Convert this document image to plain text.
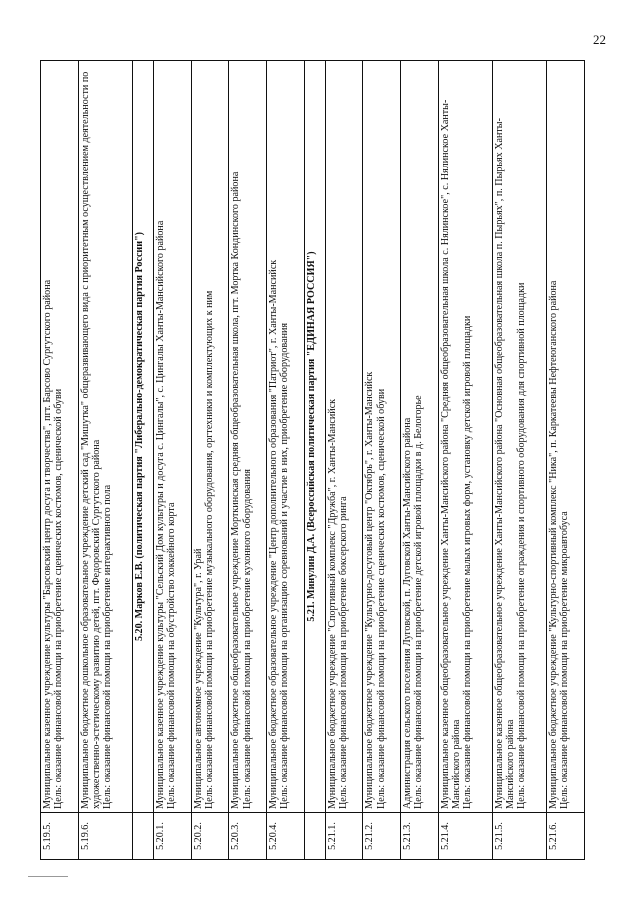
22
5.19.5.	Муниципальное казенное учреждение культуры "Барсовский центр досуга и творчества", пгт. Барсово Сургутского района Цель: оказание финансовой помощи на приобретение сценических костюмов, сценической обуви

5.19.6.	Муниципальное бюджетное дошкольное образовательное учреждение детский сад "Мишутка" общеразвивающего вида с приоритетным осуществлением деятельности по художественно-эстетическому развитию детей, пгт. Федоровский Сургутского района Цель: оказание финансовой помощи на приобретение интерактивного пола

	5.20. Марков Е.В. (политическая партия "Либерально-демократическая партия России")
5.20.1.	Муниципальное казенное учреждение культуры "Сельский Дом культуры и досуга с. Цингалы", с. Цингалы Ханты-Мансийского района Цель: оказание финансовой помощи на обустройство хоккейного корта

5.20.2.	Муниципальное автономное учреждение "Культура", г. Урай Цель: оказание финансовой помощи на приобретение музыкального оборудования, оргтехники и комплектующих к ним

5.20.3.	Муниципальное бюджетное общеобразовательное учреждение Морткинская средняя общеобразовательная школа, пгт. Мортка Кондинского района Цель: оказание финансовой помощи на приобретение кухонного оборудования

5.20.4.	Муниципальное бюджетное образовательное учреждение "Центр дополнительного образования "Патриот", г. Ханты-Мансийск Цель: оказание финансовой помощи на организацию соревнований и участие в них, приобретение оборудования

	5.21. Минулин Д.А. (Всероссийская политическая партия "ЕДИНАЯ РОССИЯ")
5.21.1.	Муниципальное бюджетное учреждение "Спортивный комплекс "Дружба", г. Ханты-Мансийск Цель: оказание финансовой помощи на приобретение боксерского ринга

5.21.2.	Муниципальное бюджетное учреждение "Культурно-досуговый центр "Октябрь", г. Ханты-Мансийск Цель: оказание финансовой помощи на приобретение сценических костюмов, сценической обуви

5.21.3.	Администрация сельского поселения Луговской, п. Луговской Ханты-Мансийского района Цель: оказание финансовой помощи на приобретение детской игровой площадки в д. Белогорье

5.21.4.	Муниципальное казенное общеобразовательное учреждение Ханты-Мансийского района "Средняя общеобразовательная школа с. Нялинское", с. Нялинское Ханты-Мансийского района Цель: оказание финансовой помощи на приобретение малых игровых форм, установку детской игровой площадки

5.21.5.	Муниципальное казенное общеобразовательное учреждение Ханты-Мансийского района "Основная общеобразовательная школа п. Пырьях", п. Пырьях Ханты-Мансийского района Цель: оказание финансовой помощи на приобретение ограждения и спортивного оборудования для спортивной площадки

5.21.6.	Муниципальное бюджетное учреждение "Культурно-спортивный комплекс "Ника", п. Каркатеевы Нефтеюганского района Цель: оказание финансовой помощи на приобретение микроавтобуса
